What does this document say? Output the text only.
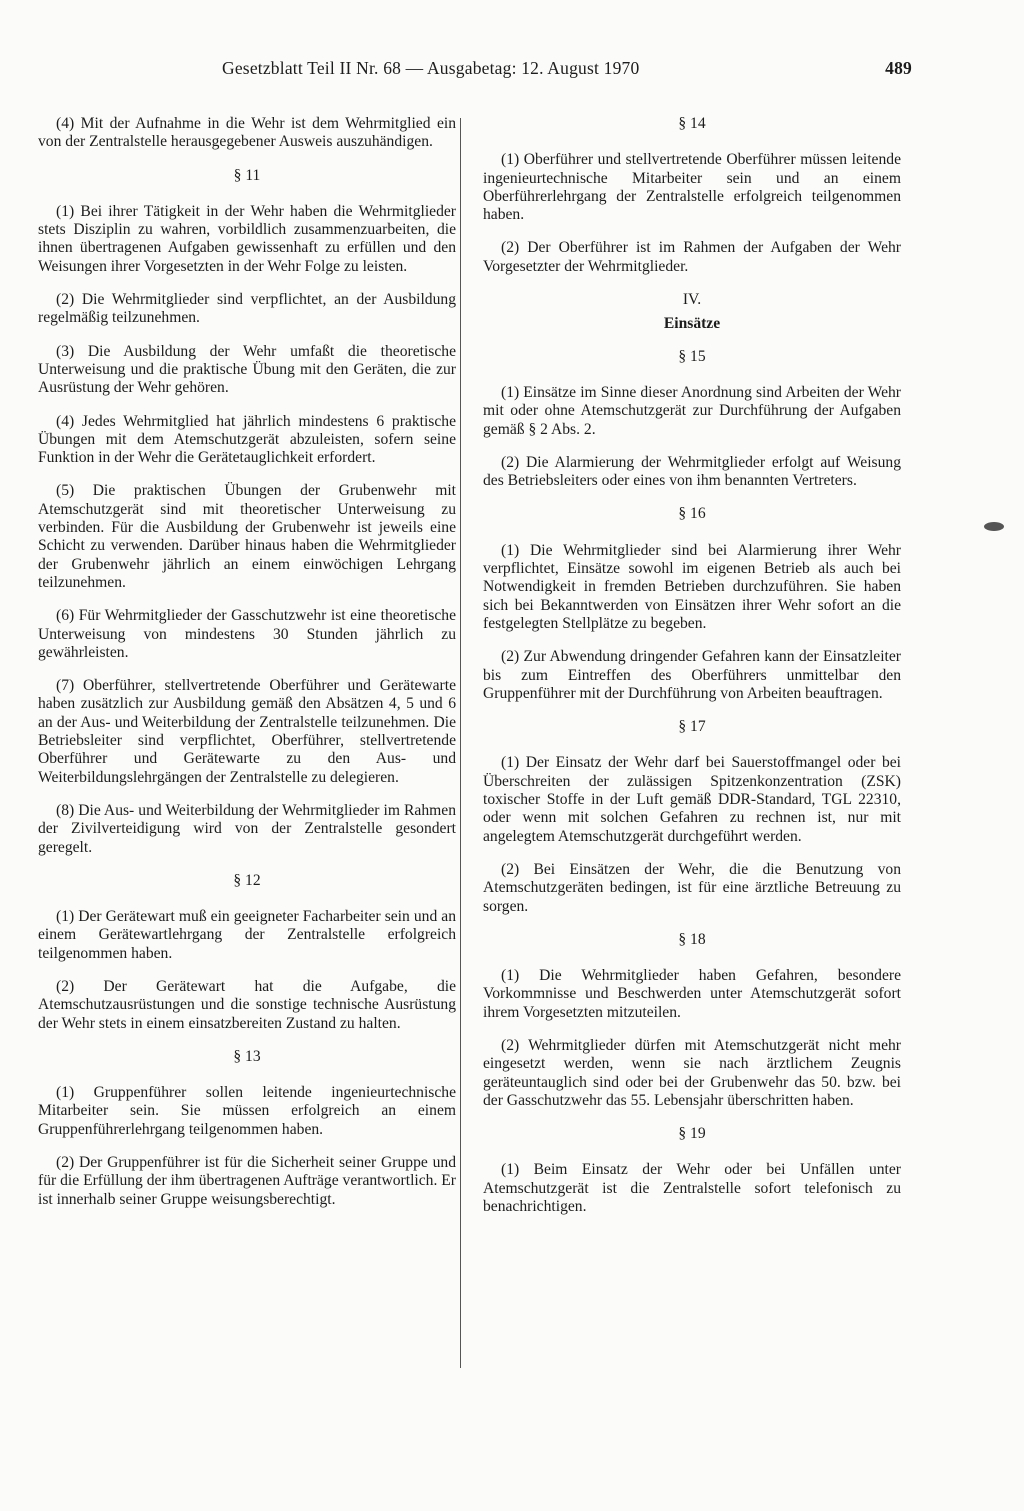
Gesetzblatt Teil II Nr. 68 — Ausgabetag: 12. August 1970	489

(4) Mit der Aufnahme in die Wehr ist dem Wehrmitglied ein von der Zentralstelle herausgegebener Ausweis auszuhändigen.

§ 11

(1) Bei ihrer Tätigkeit in der Wehr haben die Wehrmitglieder stets Disziplin zu wahren, vorbildlich zusammenzuarbeiten, die ihnen übertragenen Aufgaben gewissenhaft zu erfüllen und den Weisungen ihrer Vorgesetzten in der Wehr Folge zu leisten.

(2) Die Wehrmitglieder sind verpflichtet, an der Ausbildung regelmäßig teilzunehmen.

(3) Die Ausbildung der Wehr umfaßt die theoretische Unterweisung und die praktische Übung mit den Geräten, die zur Ausrüstung der Wehr gehören.

(4) Jedes Wehrmitglied hat jährlich mindestens 6 praktische Übungen mit dem Atemschutzgerät abzuleisten, sofern seine Funktion in der Wehr die Gerätetauglichkeit erfordert.

(5) Die praktischen Übungen der Grubenwehr mit Atemschutzgerät sind mit theoretischer Unterweisung zu verbinden. Für die Ausbildung der Grubenwehr ist jeweils eine Schicht zu verwenden. Darüber hinaus haben die Wehrmitglieder der Grubenwehr jährlich an einem einwöchigen Lehrgang teilzunehmen.

(6) Für Wehrmitglieder der Gasschutzwehr ist eine theoretische Unterweisung von mindestens 30 Stunden jährlich zu gewährleisten.

(7) Oberführer, stellvertretende Oberführer und Gerätewarte haben zusätzlich zur Ausbildung gemäß den Absätzen 4, 5 und 6 an der Aus- und Weiterbildung der Zentralstelle teilzunehmen. Die Betriebsleiter sind verpflichtet, Oberführer, stellvertretende Oberführer und Gerätewarte zu den Aus- und Weiterbildungslehrgängen der Zentralstelle zu delegieren.

(8) Die Aus- und Weiterbildung der Wehrmitglieder im Rahmen der Zivilverteidigung wird von der Zentralstelle gesondert geregelt.

§ 12

(1) Der Gerätewart muß ein geeigneter Facharbeiter sein und an einem Gerätewartlehrgang der Zentralstelle erfolgreich teilgenommen haben.

(2) Der Gerätewart hat die Aufgabe, die Atemschutzausrüstungen und die sonstige technische Ausrüstung der Wehr stets in einem einsatzbereiten Zustand zu halten.

§ 13

(1) Gruppenführer sollen leitende ingenieurtechnische Mitarbeiter sein. Sie müssen erfolgreich an einem Gruppenführerlehrgang teilgenommen haben.

(2) Der Gruppenführer ist für die Sicherheit seiner Gruppe und für die Erfüllung der ihm übertragenen Aufträge verantwortlich. Er ist innerhalb seiner Gruppe weisungsberechtigt.

§ 14

(1) Oberführer und stellvertretende Oberführer müssen leitende ingenieurtechnische Mitarbeiter sein und an einem Oberführerlehrgang der Zentralstelle erfolgreich teilgenommen haben.

(2) Der Oberführer ist im Rahmen der Aufgaben der Wehr Vorgesetzter der Wehrmitglieder.

IV.

Einsätze

§ 15

(1) Einsätze im Sinne dieser Anordnung sind Arbeiten der Wehr mit oder ohne Atemschutzgerät zur Durchführung der Aufgaben gemäß § 2 Abs. 2.

(2) Die Alarmierung der Wehrmitglieder erfolgt auf Weisung des Betriebsleiters oder eines von ihm benannten Vertreters.

§ 16

(1) Die Wehrmitglieder sind bei Alarmierung ihrer Wehr verpflichtet, Einsätze sowohl im eigenen Betrieb als auch bei Notwendigkeit in fremden Betrieben durchzuführen. Sie haben sich bei Bekanntwerden von Einsätzen ihrer Wehr sofort an die festgelegten Stellplätze zu begeben.

(2) Zur Abwendung dringender Gefahren kann der Einsatzleiter bis zum Eintreffen des Oberführers unmittelbar den Gruppenführer mit der Durchführung von Arbeiten beauftragen.

§ 17

(1) Der Einsatz der Wehr darf bei Sauerstoffmangel oder bei Überschreiten der zulässigen Spitzenkonzentration (ZSK) toxischer Stoffe in der Luft gemäß DDR-Standard, TGL 22310, oder wenn mit solchen Gefahren zu rechnen ist, nur mit angelegtem Atemschutzgerät durchgeführt werden.

(2) Bei Einsätzen der Wehr, die die Benutzung von Atemschutzgeräten bedingen, ist für eine ärztliche Betreuung zu sorgen.

§ 18

(1) Die Wehrmitglieder haben Gefahren, besondere Vorkommnisse und Beschwerden unter Atemschutzgerät sofort ihrem Vorgesetzten mitzuteilen.

(2) Wehrmitglieder dürfen mit Atemschutzgerät nicht mehr eingesetzt werden, wenn sie nach ärztlichem Zeugnis geräteuntauglich sind oder bei der Grubenwehr das 50. bzw. bei der Gasschutzwehr das 55. Lebensjahr überschritten haben.

§ 19

(1) Beim Einsatz der Wehr oder bei Unfällen unter Atemschutzgerät ist die Zentralstelle sofort telefonisch zu benachrichtigen.
